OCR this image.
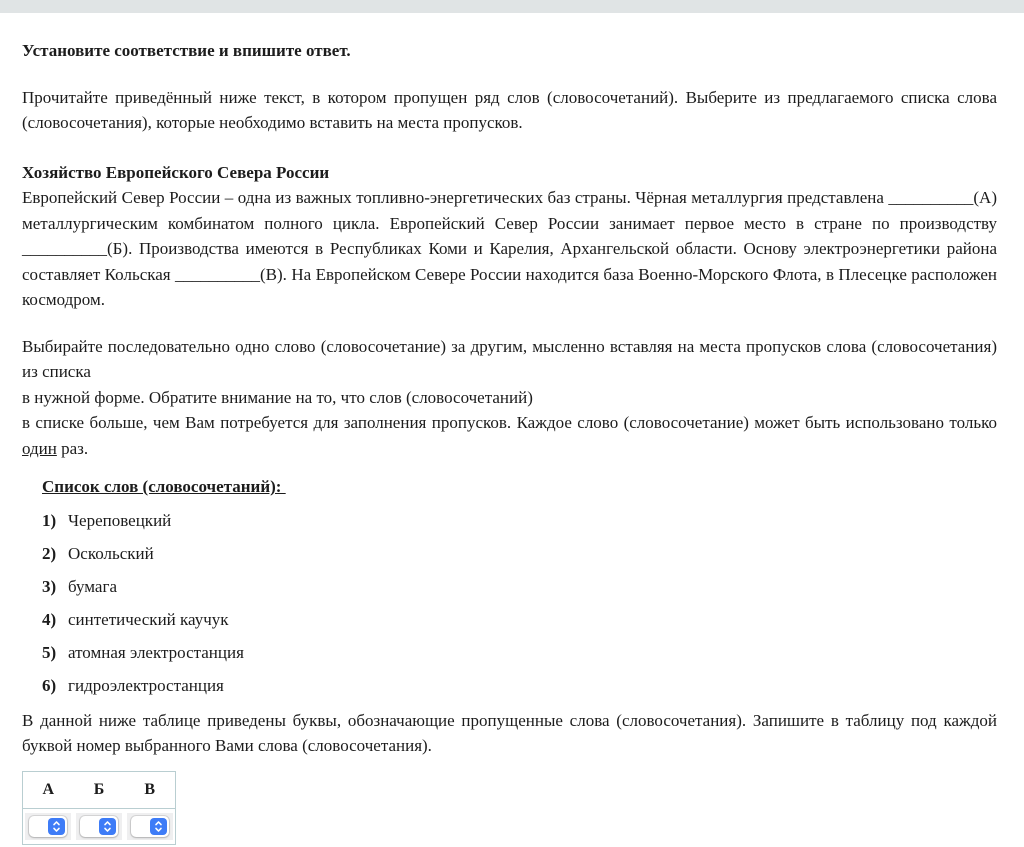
Установите соответствие и впишите ответ.

Прочитайте приведённый ниже текст, в котором пропущен ряд слов (словосочетаний). Выберите из предлагаемого списка слова (словосочетания), которые необходимо вставить на места пропусков.

Хозяйство Европейского Севера России

Европейский Север России – одна из важных топливно-энергетических баз страны. Чёрная металлургия представлена __________(А) металлургическим комбинатом полного цикла. Европейский Север России занимает первое место в стране по производству __________(Б). Производства имеются в Республиках Коми и Карелия, Архангельской области. Основу электроэнергетики района составляет Кольская __________(В). На Европейском Севере России находится база Военно-Морского Флота, в Плесецке расположен космодром.

Выбирайте последовательно одно слово (словосочетание) за другим, мысленно вставляя на места пропусков слова (словосочетания) из списка
в нужной форме. Обратите внимание на то, что слов (словосочетаний)
в списке больше, чем Вам потребуется для заполнения пропусков. Каждое слово (словосочетание) может быть использовано только один раз.

Список слов (словосочетаний):
1) Череповецкий
2) Оскольский
3) бумага
4) синтетический каучук
5) атомная электростанция
6) гидроэлектростанция

В данной ниже таблице приведены буквы, обозначающие пропущенные слова (словосочетания). Запишите в таблицу под каждой буквой номер выбранного Вами слова (словосочетания).

А	Б	В
